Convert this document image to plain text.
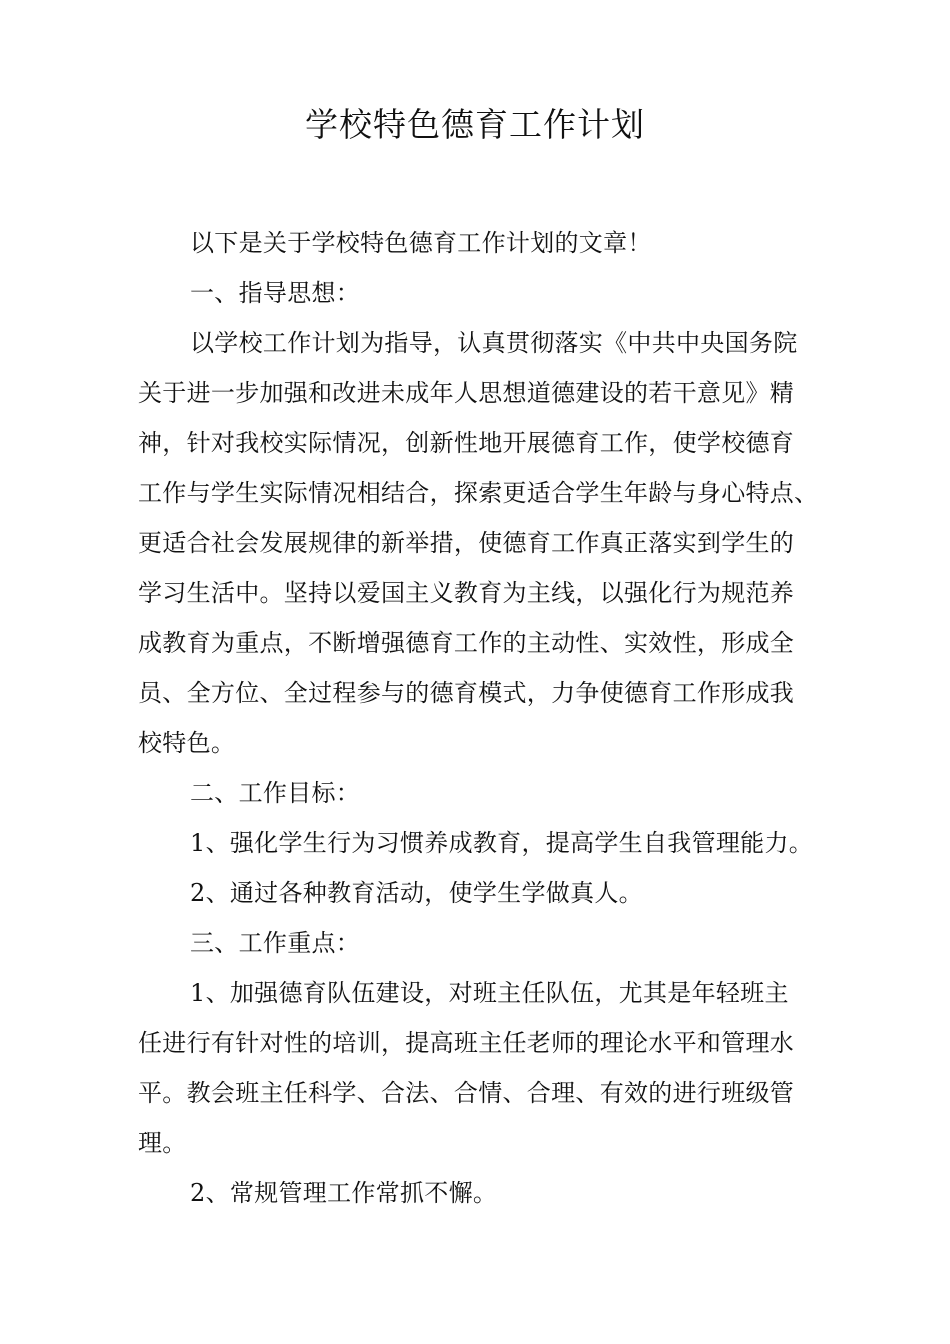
学校特色德育工作计划
以下是关于学校特色德育工作计划的文章！
一、指导思想：
以学校工作计划为指导，认真贯彻落实《中共中央国务院
关于进一步加强和改进未成年人思想道德建设的若干意见》精
神，针对我校实际情况，创新性地开展德育工作，使学校德育
工作与学生实际情况相结合，探索更适合学生年龄与身心特点、
更适合社会发展规律的新举措，使德育工作真正落实到学生的
学习生活中。坚持以爱国主义教育为主线，以强化行为规范养
成教育为重点，不断增强德育工作的主动性、实效性，形成全
员、全方位、全过程参与的德育模式，力争使德育工作形成我
校特色。
二、工作目标：
1、强化学生行为习惯养成教育，提高学生自我管理能力。
2、通过各种教育活动，使学生学做真人。
三、工作重点：
1、加强德育队伍建设，对班主任队伍，尤其是年轻班主
任进行有针对性的培训，提高班主任老师的理论水平和管理水
平。教会班主任科学、合法、合情、合理、有效的进行班级管
理。
2、常规管理工作常抓不懈。
